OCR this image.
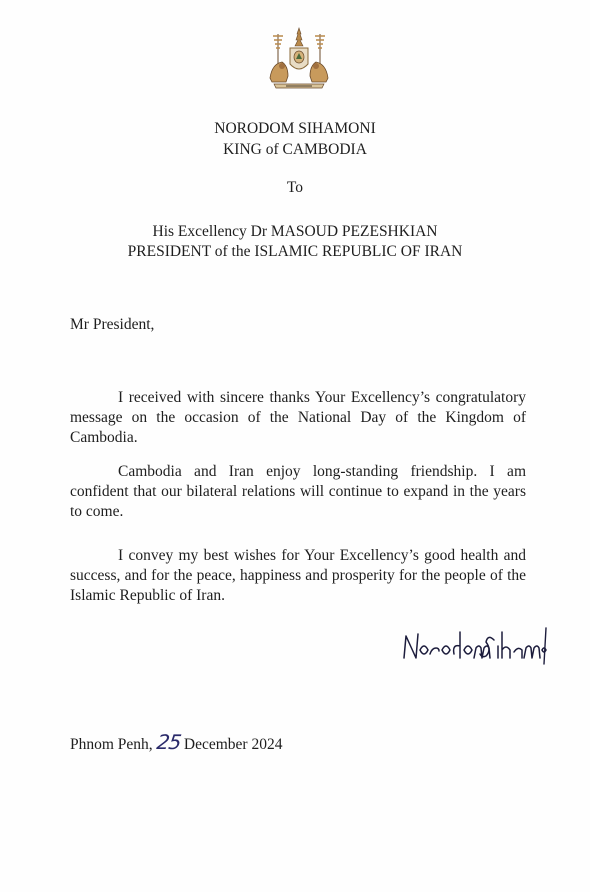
NORODOM SIHAMONI
KING of CAMBODIA
To
His Excellency Dr MASOUD PEZESHKIAN
PRESIDENT of the ISLAMIC REPUBLIC OF IRAN
Mr President,

I received with sincere thanks Your Excellency’s congratulatory message on the occasion of the National Day of the Kingdom of Cambodia.

Cambodia and Iran enjoy long-standing friendship. I am confident that our bilateral relations will continue to expand in the years to come.

I convey my best wishes for Your Excellency’s good health and success, and for the peace, happiness and prosperity for the people of the Islamic Republic of Iran.

Phnom Penh, 25 December 2024
